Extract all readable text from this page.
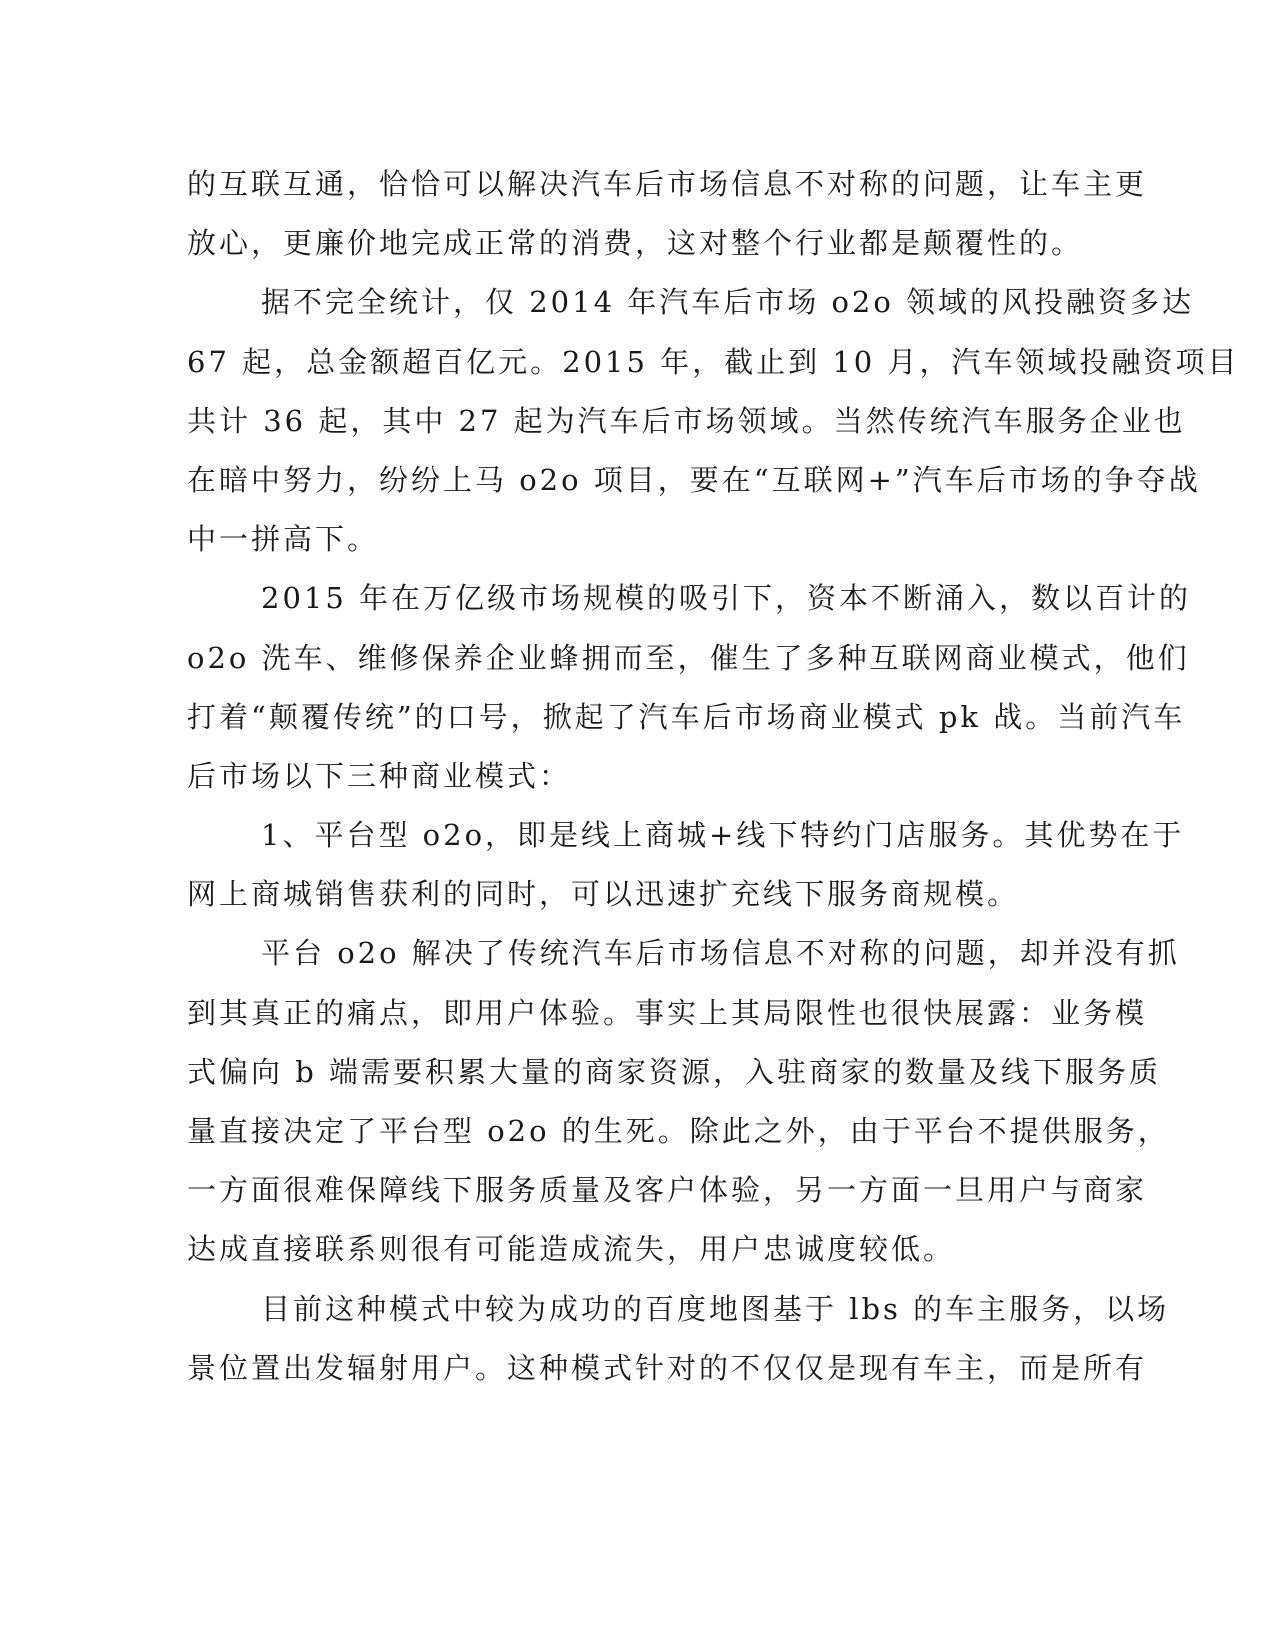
的互联互通，恰恰可以解决汽车后市场信息不对称的问题，让车主更
放心，更廉价地完成正常的消费，这对整个行业都是颠覆性的。
据不完全统计，仅 2014 年汽车后市场 o2o 领域的风投融资多达
67 起，总金额超百亿元。2015 年，截止到 10 月，汽车领域投融资项目
共计 36 起，其中 27 起为汽车后市场领域。当然传统汽车服务企业也
在暗中努力，纷纷上马 o2o 项目，要在“互联网+”汽车后市场的争夺战
中一拼高下。
2015 年在万亿级市场规模的吸引下，资本不断涌入，数以百计的
o2o 洗车、维修保养企业蜂拥而至，催生了多种互联网商业模式，他们
打着“颠覆传统”的口号，掀起了汽车后市场商业模式 pk 战。当前汽车
后市场以下三种商业模式：
1、平台型 o2o，即是线上商城+线下特约门店服务。其优势在于
网上商城销售获利的同时，可以迅速扩充线下服务商规模。
平台 o2o 解决了传统汽车后市场信息不对称的问题，却并没有抓
到其真正的痛点，即用户体验。事实上其局限性也很快展露：业务模
式偏向 b 端需要积累大量的商家资源，入驻商家的数量及线下服务质
量直接决定了平台型 o2o 的生死。除此之外，由于平台不提供服务，
一方面很难保障线下服务质量及客户体验，另一方面一旦用户与商家
达成直接联系则很有可能造成流失，用户忠诚度较低。
目前这种模式中较为成功的百度地图基于 lbs 的车主服务，以场
景位置出发辐射用户。这种模式针对的不仅仅是现有车主，而是所有
